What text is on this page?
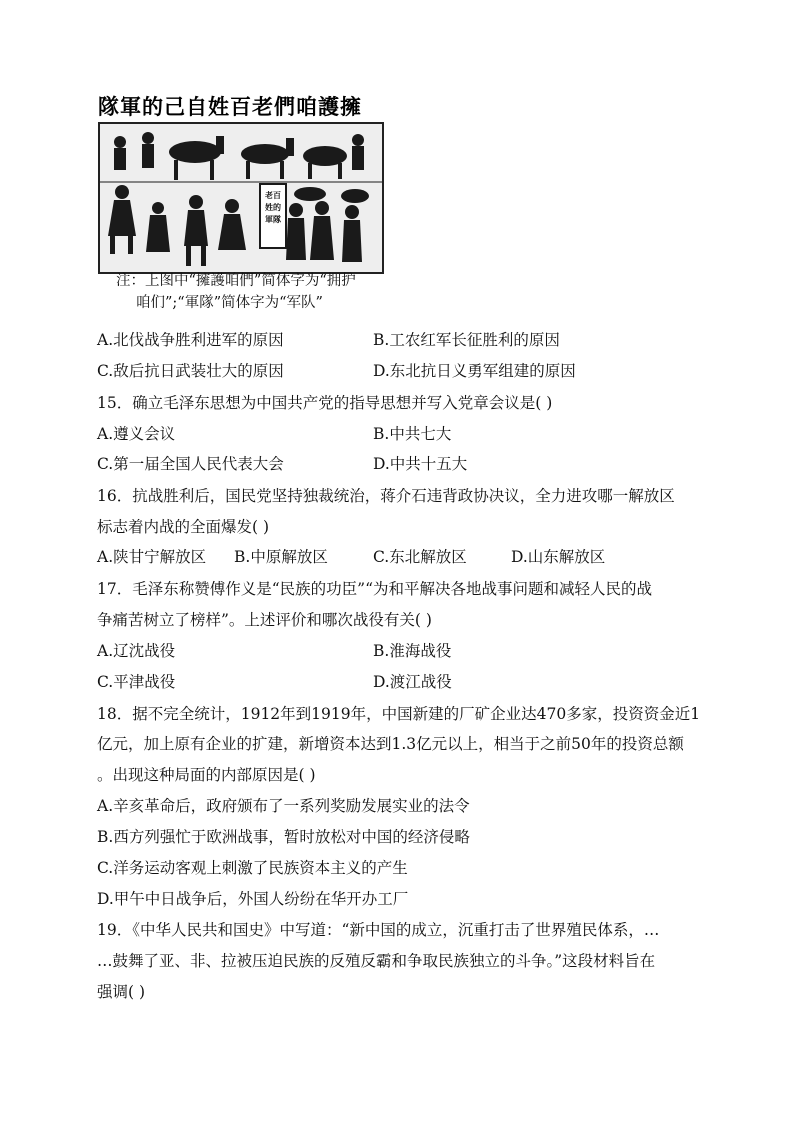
隊軍的己自姓百老們咱護擁
老百
姓的
軍隊
注：上图中“擁護咱們”简体字为“拥护
咱们”;“軍隊”简体字为“军队”
A.北伐战争胜利进军的原因	B.工农红军长征胜利的原因
C.敌后抗日武装壮大的原因	D.东北抗日义勇军组建的原因
15．确立毛泽东思想为中国共产党的指导思想并写入党章会议是( )
A.遵义会议	B.中共七大
C.第一届全国人民代表大会	D.中共十五大
16．抗战胜利后，国民党坚持独裁统治，蒋介石违背政协决议，全力进攻哪一解放区
标志着内战的全面爆发( )
A.陕甘宁解放区 B.中原解放区	C.东北解放区	D.山东解放区
17．毛泽东称赞傅作义是“民族的功臣”“为和平解决各地战事问题和减轻人民的战
争痛苦树立了榜样”。上述评价和哪次战役有关( )
A.辽沈战役	B.淮海战役
C.平津战役	D.渡江战役
18．据不完全统计，1912年到1919年，中国新建的厂矿企业达470多家，投资资金近1
亿元，加上原有企业的扩建，新增资本达到1.3亿元以上，相当于之前50年的投资总额
。出现这种局面的内部原因是( )
A.辛亥革命后，政府颁布了一系列奖励发展实业的法令
B.西方列强忙于欧洲战事，暂时放松对中国的经济侵略
C.洋务运动客观上刺激了民族资本主义的产生
D.甲午中日战争后，外国人纷纷在华开办工厂
19．《中华人民共和国史》中写道：“新中国的成立，沉重打击了世界殖民体系，…
…鼓舞了亚、非、拉被压迫民族的反殖反霸和争取民族独立的斗争。”这段材料旨在
强调( )
